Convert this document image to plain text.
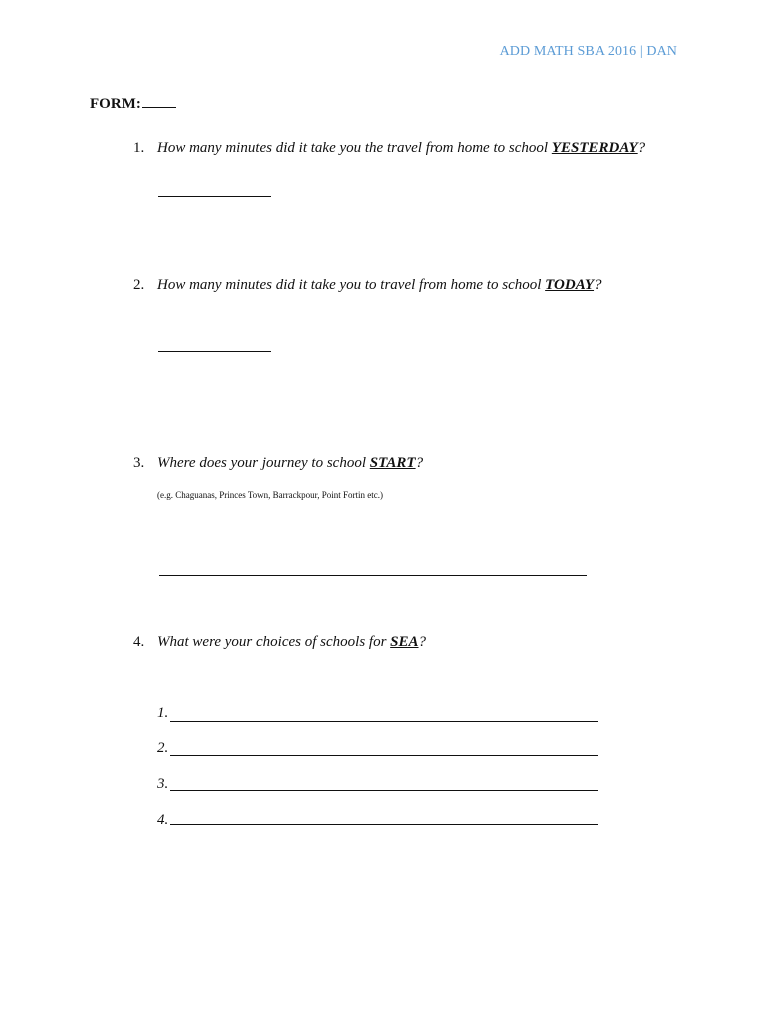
ADD MATH SBA 2016 | DAN
FORM:
1. How many minutes did it take you the travel from home to school YESTERDAY?
2. How many minutes did it take you to travel from home to school TODAY?
3. Where does your journey to school START?
(e.g. Chaguanas, Princes Town, Barrackpour, Point Fortin etc.)
4. What were your choices of schools for SEA?
1.
2.
3.
4.
